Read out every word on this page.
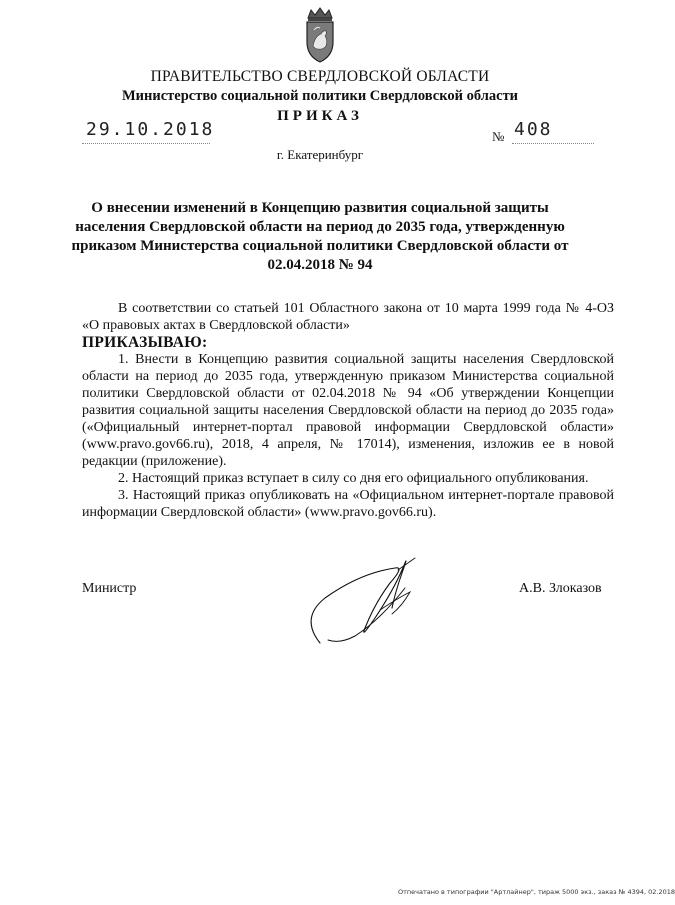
ПРАВИТЕЛЬСТВО СВЕРДЛОВСКОЙ ОБЛАСТИ
Министерство социальной политики Свердловской области
ПРИКАЗ
29.10.2018	№ 408
г. Екатеринбург
О внесении изменений в Концепцию развития социальной защиты населения Свердловской области на период до 2035 года, утвержденную приказом Министерства социальной политики Свердловской области от 02.04.2018 № 94

В соответствии со статьей 101 Областного закона от 10 марта 1999 года № 4-ОЗ «О правовых актах в Свердловской области»

ПРИКАЗЫВАЮ:

1. Внести в Концепцию развития социальной защиты населения Свердловской области на период до 2035 года, утвержденную приказом Министерства социальной политики Свердловской области от 02.04.2018 № 94 «Об утверждении Концепции развития социальной защиты населения Свердловской области на период до 2035 года» («Официальный интернет-портал правовой информации Свердловской области» (www.pravo.gov66.ru), 2018, 4 апреля, № 17014), изменения, изложив ее в новой редакции (приложение).

2. Настоящий приказ вступает в силу со дня его официального опубликования.

3. Настоящий приказ опубликовать на «Официальном интернет-портале правовой информации Свердловской области» (www.pravo.gov66.ru).

Министр	А.В. Злоказов
Отпечатано в типографии "Артлайнер", тираж 5000 экз., заказ № 4394, 02.2018
